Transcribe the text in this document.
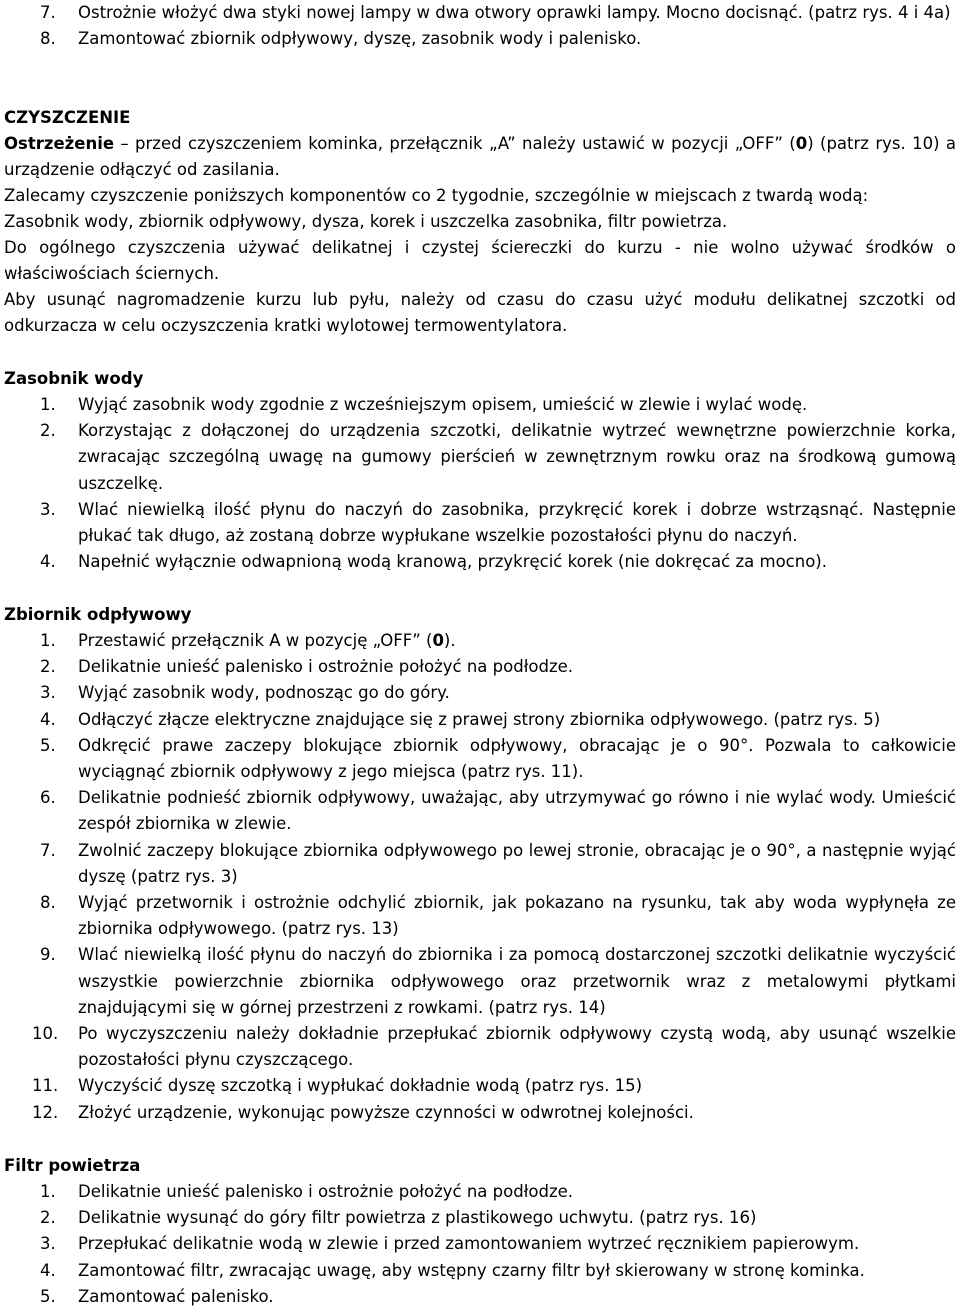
7. Ostrożnie włożyć dwa styki nowej lampy w dwa otwory oprawki lampy. Mocno docisnąć. (patrz rys. 4 i 4a)
8. Zamontować zbiornik odpływowy, dyszę, zasobnik wody i palenisko.
CZYSZCZENIE
Ostrzeżenie – przed czyszczeniem kominka, przełącznik „A” należy ustawić w pozycji „OFF” (0) (patrz rys. 10) a urządzenie odłączyć od zasilania.
Zalecamy czyszczenie poniższych komponentów co 2 tygodnie, szczególnie w miejscach z twardą wodą:
Zasobnik wody, zbiornik odpływowy, dysza, korek i uszczelka zasobnika, filtr powietrza.
Do ogólnego czyszczenia używać delikatnej i czystej ściereczki do kurzu - nie wolno używać środków o właściwościach ściernych.
Aby usunąć nagromadzenie kurzu lub pyłu, należy od czasu do czasu użyć modułu delikatnej szczotki od odkurzacza w celu oczyszczenia kratki wylotowej termowentylatora.
Zasobnik wody
1. Wyjąć zasobnik wody zgodnie z wcześniejszym opisem, umieścić w zlewie i wylać wodę.
2. Korzystając z dołączonej do urządzenia szczotki, delikatnie wytrzeć wewnętrzne powierzchnie korka, zwracając szczególną uwagę na gumowy pierścień w zewnętrznym rowku oraz na środkową gumową uszczelkę.
3. Wlać niewielką ilość płynu do naczyń do zasobnika, przykręcić korek i dobrze wstrząsnąć. Następnie płukać tak długo, aż zostaną dobrze wypłukane wszelkie pozostałości płynu do naczyń.
4. Napełnić wyłącznie odwapnioną wodą kranową, przykręcić korek (nie dokręcać za mocno).
Zbiornik odpływowy
1. Przestawić przełącznik A w pozycję „OFF” (0).
2. Delikatnie unieść palenisko i ostrożnie położyć na podłodze.
3. Wyjąć zasobnik wody, podnosząc go do góry.
4. Odłączyć złącze elektryczne znajdujące się z prawej strony zbiornika odpływowego. (patrz rys. 5)
5. Odkręcić prawe zaczepy blokujące zbiornik odpływowy, obracając je o 90°. Pozwala to całkowicie wyciągnąć zbiornik odpływowy z jego miejsca (patrz rys. 11).
6. Delikatnie podnieść zbiornik odpływowy, uważając, aby utrzymywać go równo i nie wylać wody. Umieścić zespół zbiornika w zlewie.
7. Zwolnić zaczepy blokujące zbiornika odpływowego po lewej stronie, obracając je o 90°, a następnie wyjąć dyszę (patrz rys. 3)
8. Wyjąć przetwornik i ostrożnie odchylić zbiornik, jak pokazano na rysunku, tak aby woda wypłynęła ze zbiornika odpływowego. (patrz rys. 13)
9. Wlać niewielką ilość płynu do naczyń do zbiornika i za pomocą dostarczonej szczotki delikatnie wyczyścić wszystkie powierzchnie zbiornika odpływowego oraz przetwornik wraz z metalowymi płytkami znajdującymi się w górnej przestrzeni z rowkami. (patrz rys. 14)
10. Po wyczyszczeniu należy dokładnie przepłukać zbiornik odpływowy czystą wodą, aby usunąć wszelkie pozostałości płynu czyszczącego.
11. Wyczyścić dyszę szczotką i wypłukać dokładnie wodą (patrz rys. 15)
12. Złożyć urządzenie, wykonując powyższe czynności w odwrotnej kolejności.
Filtr powietrza
1. Delikatnie unieść palenisko i ostrożnie położyć na podłodze.
2. Delikatnie wysunąć do góry filtr powietrza z plastikowego uchwytu. (patrz rys. 16)
3. Przepłukać delikatnie wodą w zlewie i przed zamontowaniem wytrzeć ręcznikiem papierowym.
4. Zamontować filtr, zwracając uwagę, aby wstępny czarny filtr był skierowany w stronę kominka.
5. Zamontować palenisko.
